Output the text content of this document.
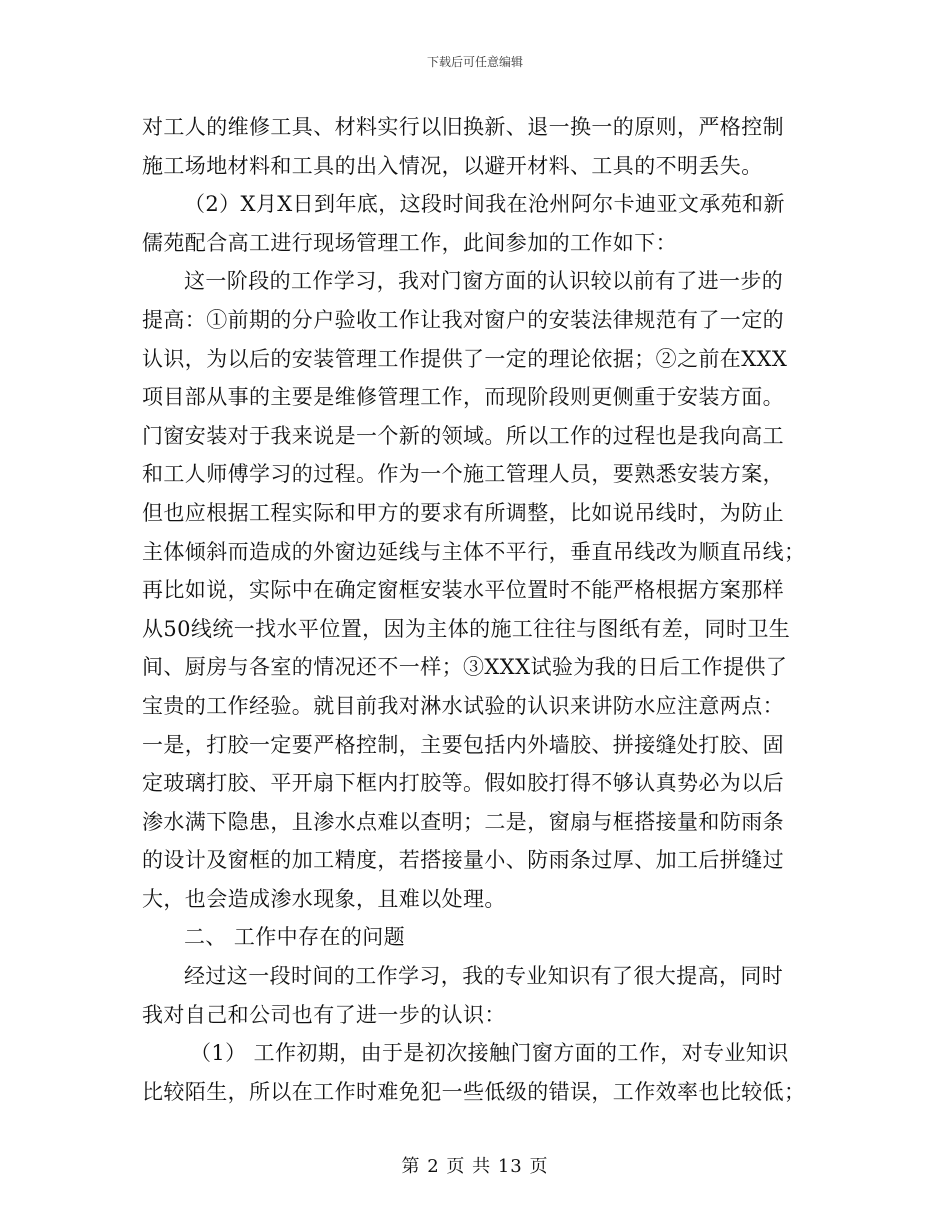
下载后可任意编辑
对工人的维修工具、材料实行以旧换新、退一换一的原则，严格控制
施工场地材料和工具的出入情况，以避开材料、工具的不明丢失。
（2）X月X日到年底，这段时间我在沧州阿尔卡迪亚文承苑和新
儒苑配合高工进行现场管理工作，此间参加的工作如下：
这一阶段的工作学习，我对门窗方面的认识较以前有了进一步的
提高：①前期的分户验收工作让我对窗户的安装法律规范有了一定的
认识，为以后的安装管理工作提供了一定的理论依据；②之前在XXX
项目部从事的主要是维修管理工作，而现阶段则更侧重于安装方面。
门窗安装对于我来说是一个新的领域。所以工作的过程也是我向高工
和工人师傅学习的过程。作为一个施工管理人员，要熟悉安装方案，
但也应根据工程实际和甲方的要求有所调整，比如说吊线时，为防止
主体倾斜而造成的外窗边延线与主体不平行，垂直吊线改为顺直吊线；
再比如说，实际中在确定窗框安装水平位置时不能严格根据方案那样
从50线统一找水平位置，因为主体的施工往往与图纸有差，同时卫生
间、厨房与各室的情况还不一样；③XXX试验为我的日后工作提供了
宝贵的工作经验。就目前我对淋水试验的认识来讲防水应注意两点：
一是，打胶一定要严格控制，主要包括内外墙胶、拼接缝处打胶、固
定玻璃打胶、平开扇下框内打胶等。假如胶打得不够认真势必为以后
渗水满下隐患，且渗水点难以查明；二是，窗扇与框搭接量和防雨条
的设计及窗框的加工精度，若搭接量小、防雨条过厚、加工后拼缝过
大，也会造成渗水现象，且难以处理。
二、 工作中存在的问题
经过这一段时间的工作学习，我的专业知识有了很大提高，同时
我对自己和公司也有了进一步的认识：
（1） 工作初期，由于是初次接触门窗方面的工作，对专业知识
比较陌生，所以在工作时难免犯一些低级的错误，工作效率也比较低；
第 2 页 共 13 页
